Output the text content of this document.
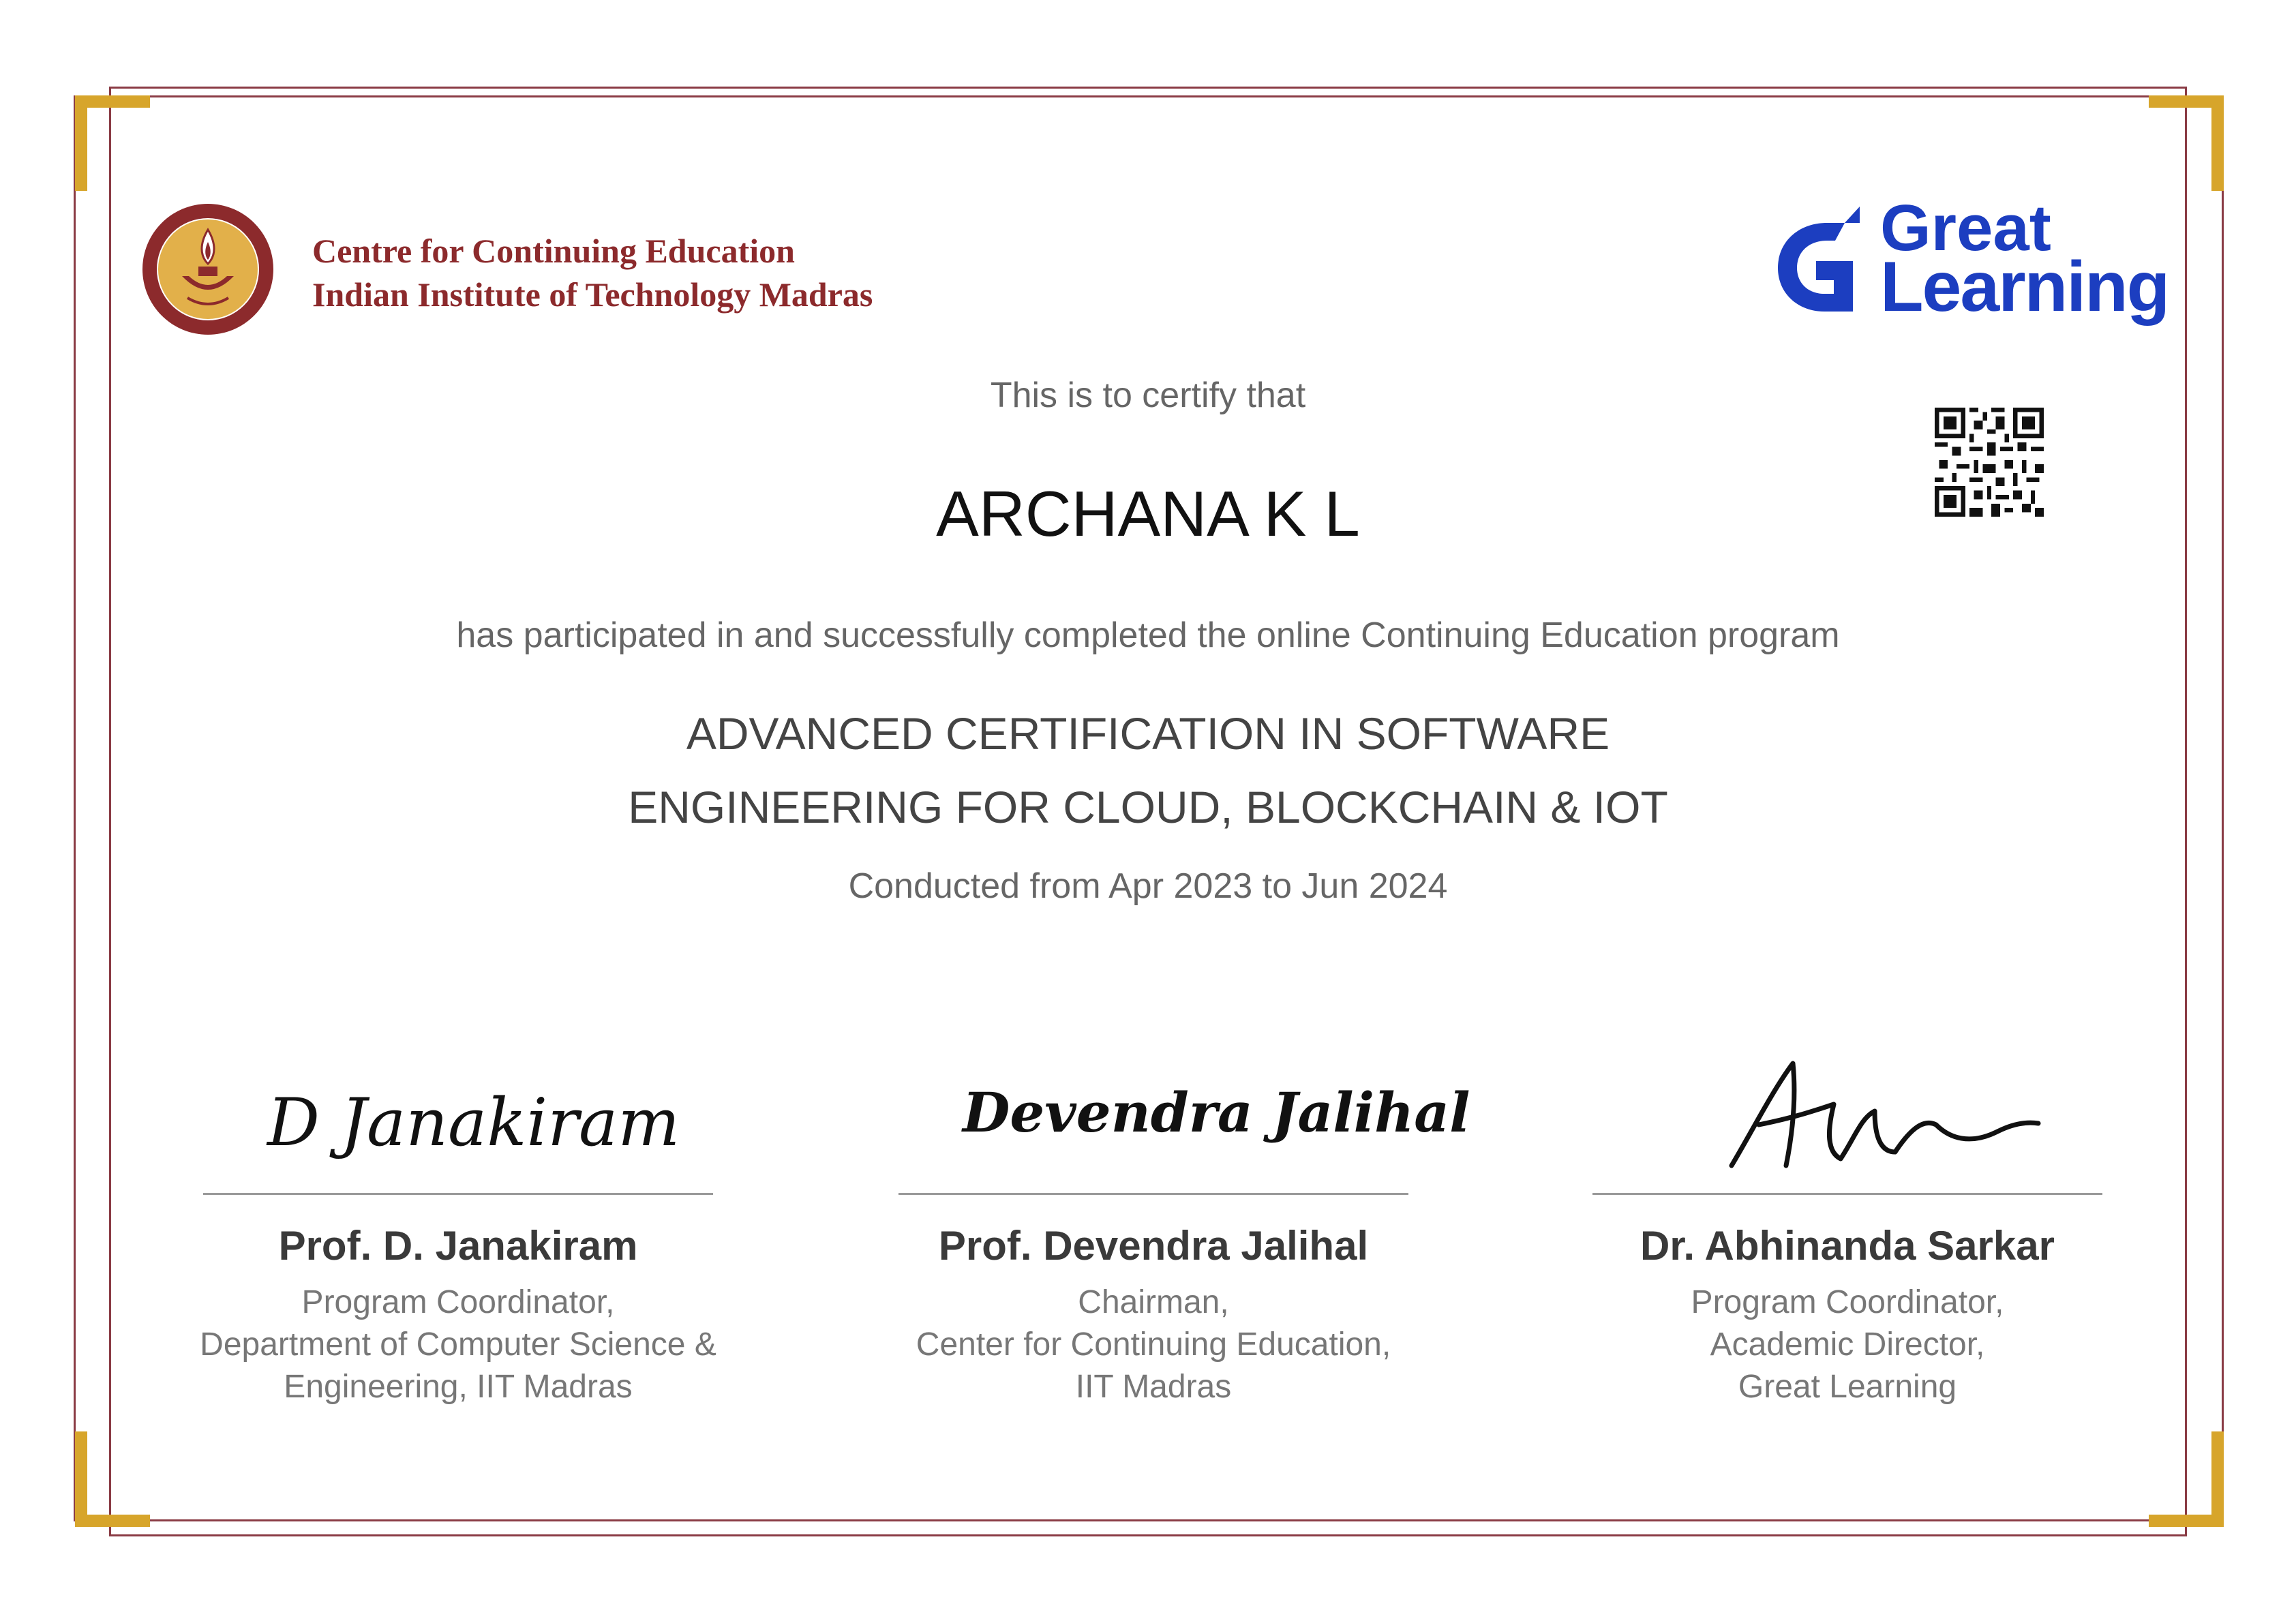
Centre for Continuing Education
Indian Institute of Technology Madras
Great
Learning
This is to certify that
ARCHANA K L
has participated in and successfully completed the online Continuing Education program
ADVANCED CERTIFICATION IN SOFTWARE
ENGINEERING FOR CLOUD, BLOCKCHAIN & IOT
Conducted from Apr 2023 to Jun 2024
D Janakiram
Prof. D. Janakiram
Program Coordinator,
Department of Computer Science &
Engineering, IIT Madras
Devendra Jalihal
Prof. Devendra Jalihal
Chairman,
Center for Continuing Education,
IIT Madras
Dr. Abhinanda Sarkar
Program Coordinator,
Academic Director,
Great Learning
